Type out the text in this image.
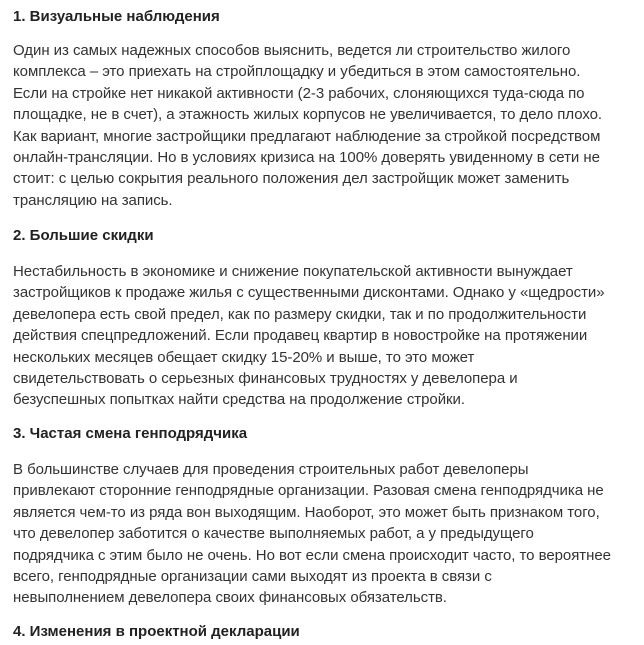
1. Визуальные наблюдения

Один из самых надежных способов выяснить, ведется ли строительство жилого
комплекса – это приехать на стройплощадку и убедиться в этом самостоятельно.
Если на стройке нет никакой активности (2-3 рабочих, слоняющихся туда-сюда по
площадке, не в счет), а этажность жилых корпусов не увеличивается, то дело плохо.
Как вариант, многие застройщики предлагают наблюдение за стройкой посредством
онлайн-трансляции. Но в условиях кризиса на 100% доверять увиденному в сети не
стоит: с целью сокрытия реального положения дел застройщик может заменить
трансляцию на запись.

2. Большие скидки

Нестабильность в экономике и снижение покупательской активности вынуждает
застройщиков к продаже жилья с существенными дисконтами. Однако у «щедрости»
девелопера есть свой предел, как по размеру скидки, так и по продолжительности
действия спецпредложений. Если продавец квартир в новостройке на протяжении
нескольких месяцев обещает скидку 15-20% и выше, то это может
свидетельствовать о серьезных финансовых трудностях у девелопера и
безуспешных попытках найти средства на продолжение стройки.

3. Частая смена генподрядчика

В большинстве случаев для проведения строительных работ девелоперы
привлекают сторонние генподрядные организации. Разовая смена генподрядчика не
является чем-то из ряда вон выходящим. Наоборот, это может быть признаком того,
что девелопер заботится о качестве выполняемых работ, а у предыдущего
подрядчика с этим было не очень. Но вот если смена происходит часто, то вероятнее
всего, генподрядные организации сами выходят из проекта в связи с
невыполнением девелопера своих финансовых обязательств.

4. Изменения в проектной декларации
